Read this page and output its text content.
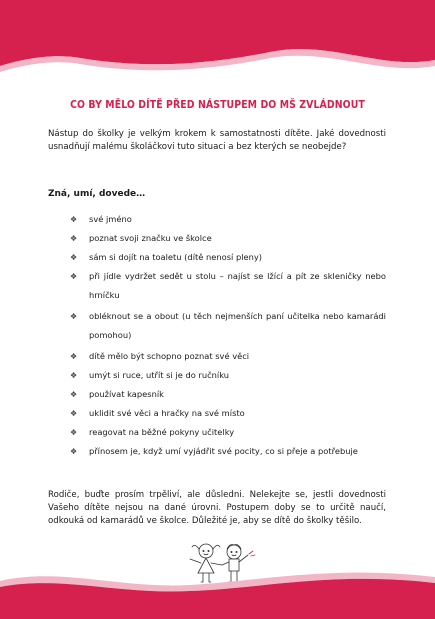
CO BY MĚLO DÍTĚ PŘED NÁSTUPEM DO MŠ ZVLÁDNOUT
Nástup do školky je velkým krokem k samostatnosti dítěte. Jaké dovednosti usnadňují malému školáčkovi tuto situaci a bez kterých se neobejde?
Zná, umí, dovede…
❖ své jméno
❖ poznat svoji značku ve školce
❖ sám si dojít na toaletu (dítě nenosí pleny)
❖ při jídle vydržet sedět u stolu – najíst se lžící a pít ze skleničky nebo hrníčku
❖ obléknout se a obout (u těch nejmenších paní učitelka nebo kamarádi pomohou)
❖ dítě mělo být schopno poznat své věci
❖ umýt si ruce, utřít si je do ručníku
❖ používat kapesník
❖ uklidit své věci a hračky na své místo
❖ reagovat na běžné pokyny učitelky
❖ přínosem je, když umí vyjádřit své pocity, co si přeje a potřebuje
Rodiče, buďte prosím trpěliví, ale důsledni. Nelekejte se, jestli dovednosti Vašeho dítěte nejsou na dané úrovni. Postupem doby se to určitě naučí, odkouká od kamarádů ve školce. Důležité je, aby se dítě do školky těšilo.
